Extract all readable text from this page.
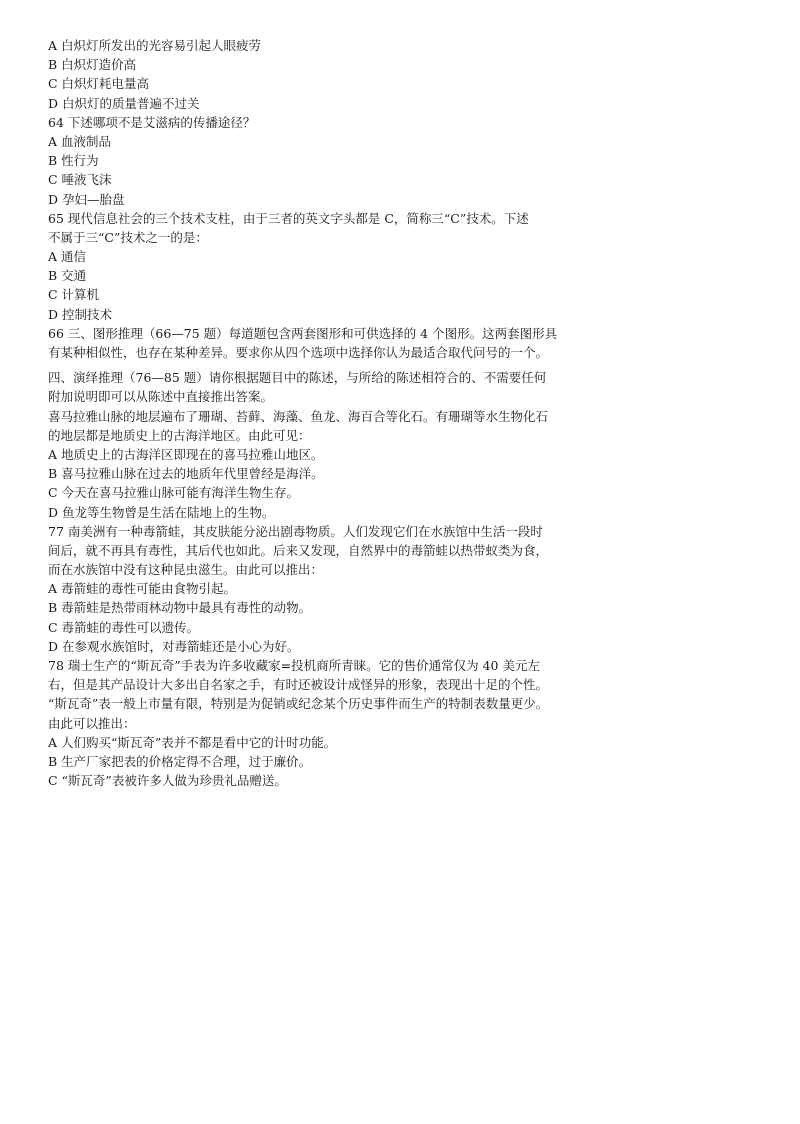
A 白炽灯所发出的光容易引起人眼疲劳
B 白炽灯造价高
C 白炽灯耗电量高
D 白炽灯的质量普遍不过关
64 下述哪项不是艾滋病的传播途径？
A 血液制品
B 性行为
C 唾液飞沫
D 孕妇—胎盘
65 现代信息社会的三个技术支柱，由于三者的英文字头都是 C，简称三“C”技术。下述
不属于三“C”技术之一的是：
A 通信
B 交通
C 计算机
D 控制技术
66 三、图形推理（66—75 题）每道题包含两套图形和可供选择的 4 个图形。这两套图形具
有某种相似性，也存在某种差异。要求你从四个选项中选择你认为最适合取代问号的一个。
四、演绎推理（76—85 题）请你根据题目中的陈述，与所给的陈述相符合的、不需要任何
附加说明即可以从陈述中直接推出答案。
喜马拉雅山脉的地层遍布了珊瑚、苔藓、海藻、鱼龙、海百合等化石。有珊瑚等水生物化石
的地层都是地质史上的古海洋地区。由此可见：
A 地质史上的古海洋区即现在的喜马拉雅山地区。
B 喜马拉雅山脉在过去的地质年代里曾经是海洋。
C 今天在喜马拉雅山脉可能有海洋生物生存。
D 鱼龙等生物曾是生活在陆地上的生物。
77 南美洲有一种毒箭蛙，其皮肤能分泌出剧毒物质。人们发现它们在水族馆中生活一段时
间后，就不再具有毒性，其后代也如此。后来又发现，自然界中的毒箭蛙以热带蚁类为食，
而在水族馆中没有这种昆虫滋生。由此可以推出：
A 毒箭蛙的毒性可能由食物引起。
B 毒箭蛙是热带雨林动物中最具有毒性的动物。
C 毒箭蛙的毒性可以遗传。
D 在参观水族馆时，对毒箭蛙还是小心为好。
78 瑞士生产的“斯瓦奇”手表为许多收藏家=投机商所青睐。它的售价通常仅为 40 美元左
右，但是其产品设计大多出自名家之手，有时还被设计成怪异的形象，表现出十足的个性。
“斯瓦奇”表一般上市量有限，特别是为促销或纪念某个历史事件而生产的特制表数量更少。
由此可以推出：
A 人们购买“斯瓦奇”表并不都是看中它的计时功能。
B 生产厂家把表的价格定得不合理，过于廉价。
C “斯瓦奇”表被许多人做为珍贵礼品赠送。
